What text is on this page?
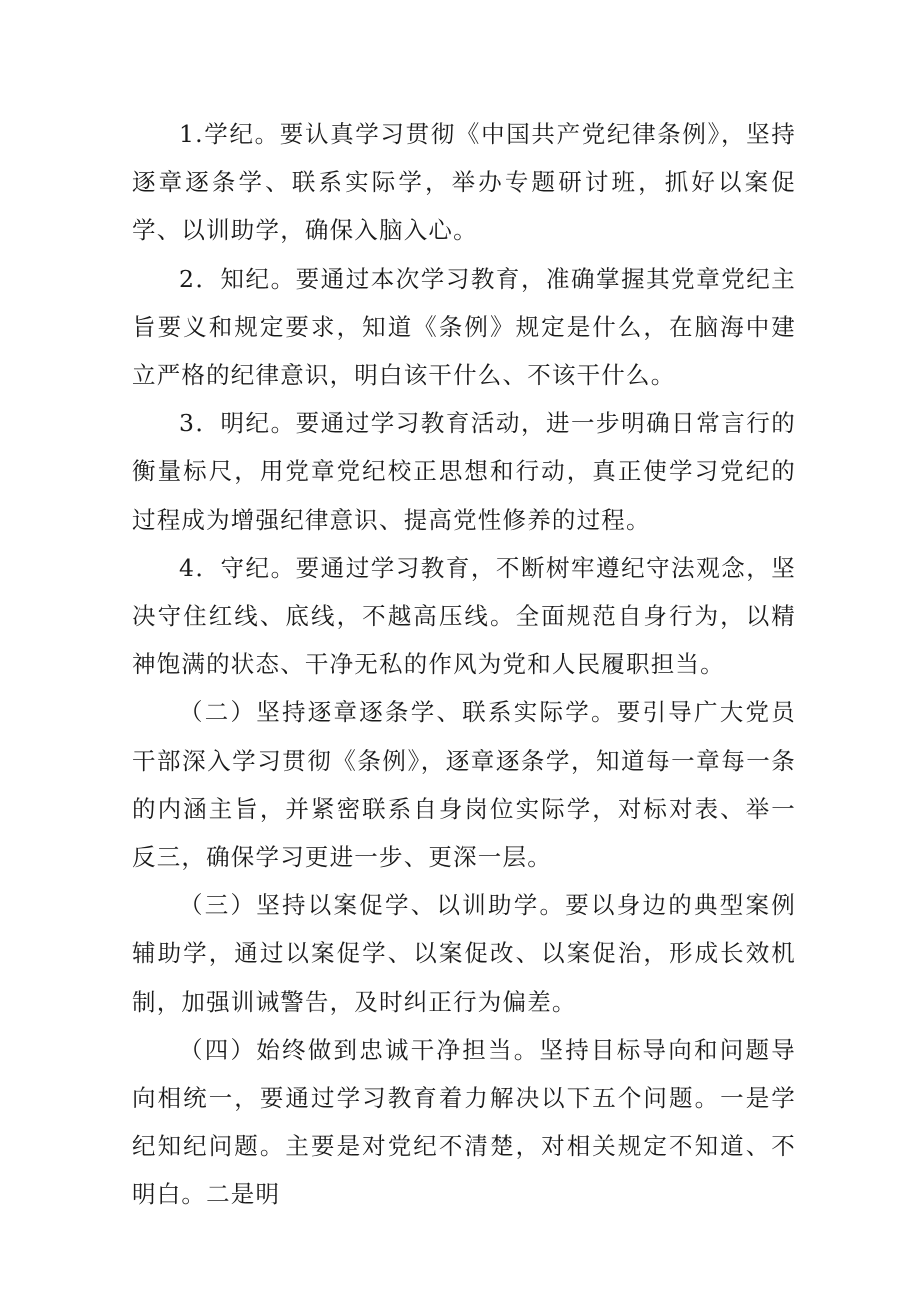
1.学纪。要认真学习贯彻《中国共产党纪律条例》，坚持逐章逐条学、联系实际学，举办专题研讨班，抓好以案促学、以训助学，确保入脑入心。

2．知纪。要通过本次学习教育，准确掌握其党章党纪主旨要义和规定要求，知道《条例》规定是什么，在脑海中建立严格的纪律意识，明白该干什么、不该干什么。

3．明纪。要通过学习教育活动，进一步明确日常言行的衡量标尺，用党章党纪校正思想和行动，真正使学习党纪的过程成为增强纪律意识、提高党性修养的过程。

4．守纪。要通过学习教育，不断树牢遵纪守法观念，坚决守住红线、底线，不越高压线。全面规范自身行为，以精神饱满的状态、干净无私的作风为党和人民履职担当。

（二）坚持逐章逐条学、联系实际学。要引导广大党员干部深入学习贯彻《条例》，逐章逐条学，知道每一章每一条的内涵主旨，并紧密联系自身岗位实际学，对标对表、举一反三，确保学习更进一步、更深一层。

（三）坚持以案促学、以训助学。要以身边的典型案例辅助学，通过以案促学、以案促改、以案促治，形成长效机制，加强训诫警告，及时纠正行为偏差。

（四）始终做到忠诚干净担当。坚持目标导向和问题导向相统一，要通过学习教育着力解决以下五个问题。一是学纪知纪问题。主要是对党纪不清楚，对相关规定不知道、不明白。二是明
